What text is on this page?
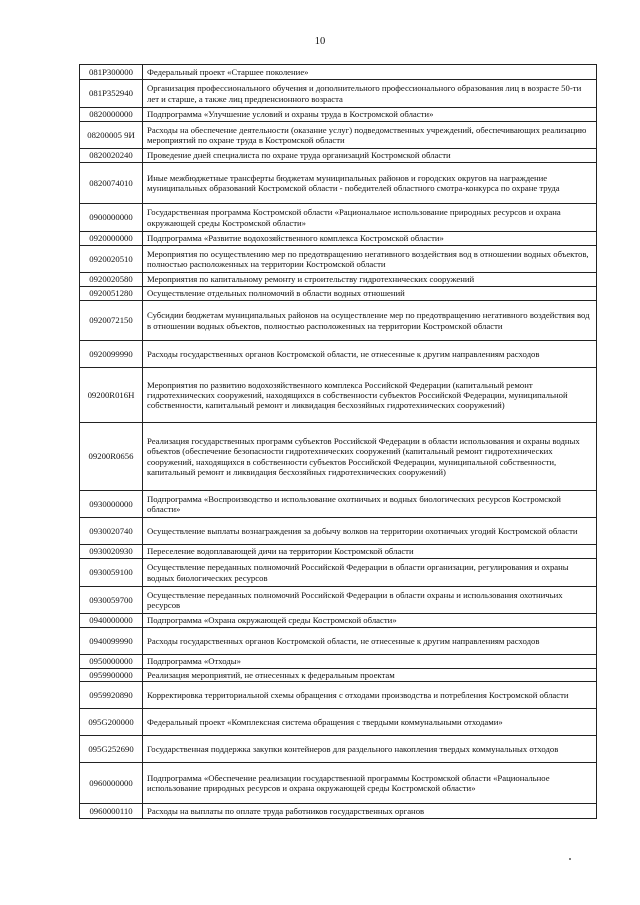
10
081P300000	Федеральный проект «Старшее поколение»
081P352940	Организация профессионального обучения и дополнительного профессионального образования лиц в возрасте 50-ти лет и старше, а также лиц предпенсионного возраста
0820000000	Подпрограмма «Улучшение условий и охраны труда в Костромской области»
08200005 9И	Расходы на обеспечение деятельности (оказание услуг) подведомственных учреждений, обеспечивающих реализацию мероприятий по охране труда в Костромской области
0820020240	Проведение дней специалиста по охране труда организаций Костромской области
0820074010	Иные межбюджетные трансферты бюджетам муниципальных районов и городских округов на награждение муниципальных образований Костромской области - победителей областного смотра-конкурса по охране труда
0900000000	Государственная программа Костромской области «Рациональное использование природных ресурсов и охрана окружающей среды Костромской области»
0920000000	Подпрограмма «Развитие водохозяйственного комплекса Костромской области»
0920020510	Мероприятия по осуществлению мер по предотвращению негативного воздействия вод в отношении водных объектов, полностью расположенных на территории Костромской области
0920020580	Мероприятия по капитальному ремонту и строительству гидротехнических сооружений
0920051280	Осуществление отдельных полномочий в области водных отношений
0920072150	Субсидии бюджетам муниципальных районов на осуществление мер по предотвращению негативного воздействия вод в отношении водных объектов, полностью расположенных на территории Костромской области
0920099990	Расходы государственных органов Костромской области, не отнесенные к другим направлениям расходов
09200R016Н	Мероприятия по развитию водохозяйственного комплекса Российской Федерации (капитальный ремонт гидротехнических сооружений, находящихся в собственности субъектов Российской Федерации, муниципальной собственности, капитальный ремонт и ликвидация бесхозяйных гидротехнических сооружений)
09200R0656	Реализация государственных программ субъектов Российской Федерации в области использования и охраны водных объектов (обеспечение безопасности гидротехнических сооружений (капитальный ремонт гидротехнических сооружений, находящихся в собственности субъектов Российской Федерации, муниципальной собственности, капитальный ремонт и ликвидация бесхозяйных гидротехнических сооружений)
0930000000	Подпрограмма «Воспроизводство и использование охотничьих и водных биологических ресурсов Костромской области»
0930020740	Осуществление выплаты вознаграждения за добычу волков на территории охотничьих угодий Костромской области
0930020930	Переселение водоплавающей дичи на территории Костромской области
0930059100	Осуществление переданных полномочий Российской Федерации в области организации, регулирования и охраны водных биологических ресурсов
0930059700	Осуществление переданных полномочий Российской Федерации в области охраны и использования охотничьих ресурсов
0940000000	Подпрограмма «Охрана окружающей среды Костромской области»
0940099990	Расходы государственных органов Костромской области, не отнесенные к другим направлениям расходов
0950000000	Подпрограмма «Отходы»
0959900000	Реализация мероприятий, не отнесенных к федеральным проектам
0959920890	Корректировка территориальной схемы обращения с отходами производства и потребления Костромской области
095G200000	Федеральный проект «Комплексная система обращения с твердыми коммунальными отходами»
095G252690	Государственная поддержка закупки контейнеров для раздельного накопления твердых коммунальных отходов
0960000000	Подпрограмма «Обеспечение реализации государственной программы Костромской области «Рациональное использование природных ресурсов и охрана окружающей среды Костромской области»
0960000110	Расходы на выплаты по оплате труда работников государственных органов
